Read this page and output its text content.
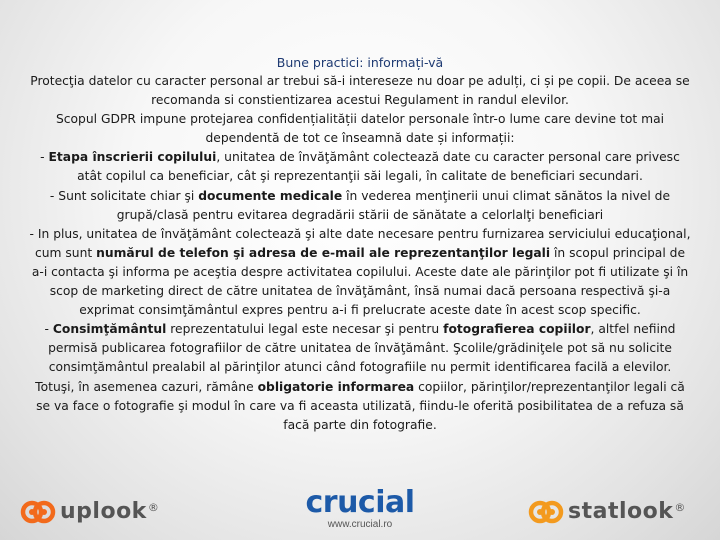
Bune practici: informați-vă

Protecţia datelor cu caracter personal ar trebui să-i intereseze nu doar pe adulți, ci și pe copii. De aceea se recomanda si constientizarea acestui Regulament in randul elevilor.

Scopul GDPR impune protejarea confidențialității datelor personale într-o lume care devine tot mai dependentă de tot ce înseamnă date și informații:

- Etapa înscrierii copilului, unitatea de învăţământ colectează date cu caracter personal care privesc atât copilul ca beneficiar, cât şi reprezentanţii săi legali, în calitate de beneficiari secundari.

- Sunt solicitate chiar şi documente medicale în vederea menţinerii unui climat sănătos la nivel de grupă/clasă pentru evitarea degradării stării de sănătate a celorlalţi beneficiari

- In plus, unitatea de învăţământ colectează şi alte date necesare pentru furnizarea serviciului educaţional, cum sunt numărul de telefon şi adresa de e-mail ale reprezentanţilor legali în scopul principal de a-i contacta şi informa pe aceştia despre activitatea copilului. Aceste date ale părinţilor pot fi utilizate şi în scop de marketing direct de către unitatea de învăţământ, însă numai dacă persoana respectivă şi-a exprimat consimţământul expres pentru a-i fi prelucrate aceste date în acest scop specific.

- Consimţământul reprezentatului legal este necesar şi pentru fotografierea copiilor, altfel nefiind permisă publicarea fotografiilor de către unitatea de învăţământ. Şcolile/grădiniţele pot să nu solicite consimţământul prealabil al părinţilor atunci când fotografiile nu permit identificarea facilă a elevilor. Totuşi, în asemenea cazuri, rămâne obligatorie informarea copiilor, părinţilor/reprezentanţilor legali că se va face o fotografie şi modul în care va fi aceasta utilizată, fiindu-le oferită posibilitatea de a refuza să facă parte din fotografie.

uplook ®	crucial
www.crucial.ro
statlook ®
